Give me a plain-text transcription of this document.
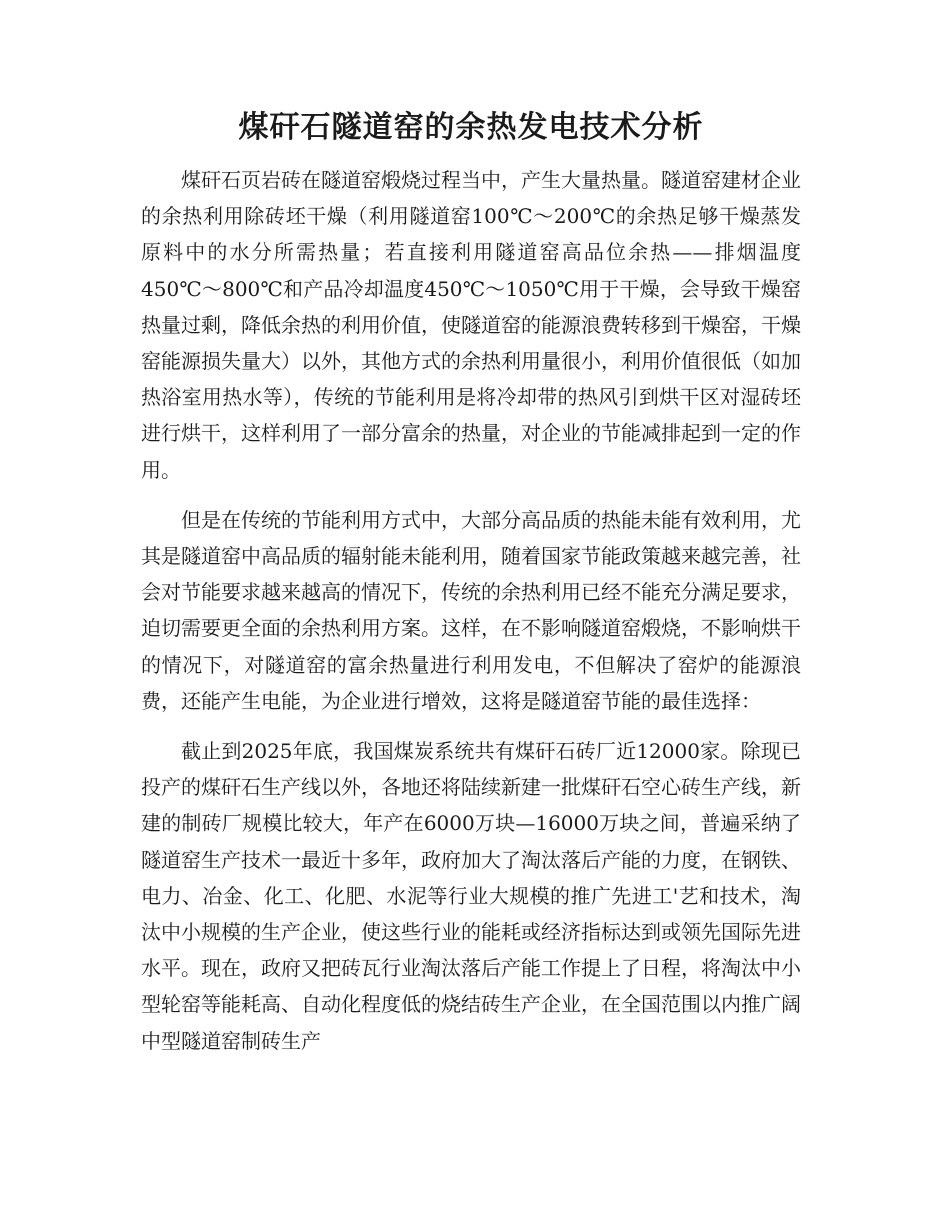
煤矸石隧道窑的余热发电技术分析

煤矸石页岩砖在隧道窑煅烧过程当中，产生大量热量。隧道窑建材企业的余热利用除砖坯干燥（利用隧道窑100℃～200℃的余热足够干燥蒸发原料中的水分所需热量；若直接利用隧道窑高品位余热——排烟温度450℃～800℃和产品冷却温度450℃～1050℃用于干燥，会导致干燥窑热量过剩，降低余热的利用价值，使隧道窑的能源浪费转移到干燥窑，干燥窑能源损失量大）以外，其他方式的余热利用量很小，利用价值很低（如加热浴室用热水等），传统的节能利用是将冷却带的热风引到烘干区对湿砖坯进行烘干，这样利用了一部分富余的热量，对企业的节能减排起到一定的作用。

但是在传统的节能利用方式中，大部分高品质的热能未能有效利用，尤其是隧道窑中高品质的辐射能未能利用，随着国家节能政策越来越完善，社会对节能要求越来越高的情况下，传统的余热利用已经不能充分满足要求，迫切需要更全面的余热利用方案。这样，在不影响隧道窑煅烧，不影响烘干的情况下，对隧道窑的富余热量进行利用发电，不但解决了窑炉的能源浪费，还能产生电能，为企业进行增效，这将是隧道窑节能的最佳选择：

截止到2025年底，我国煤炭系统共有煤矸石砖厂近12000家。除现已投产的煤矸石生产线以外，各地还将陆续新建一批煤矸石空心砖生产线，新建的制砖厂规模比较大，年产在6000万块—16000万块之间，普遍采纳了隧道窑生产技术一最近十多年，政府加大了淘汰落后产能的力度，在钢铁、电力、冶金、化工、化肥、水泥等行业大规模的推广先进工'艺和技术，淘汰中小规模的生产企业，使这些行业的能耗或经济指标达到或领先国际先进水平。现在，政府又把砖瓦行业淘汰落后产能工作提上了日程，将淘汰中小型轮窑等能耗高、自动化程度低的烧结砖生产企业，在全国范围以内推广阔中型隧道窑制砖生产
